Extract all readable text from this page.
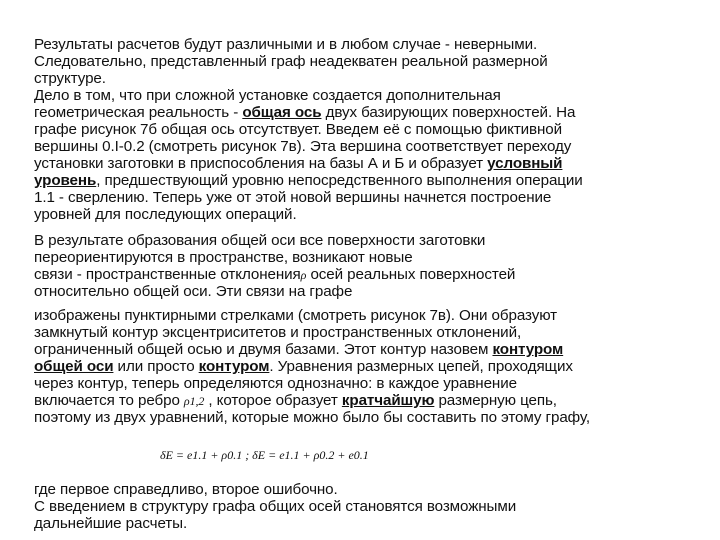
Результаты расчетов будут различными и в любом случае - неверными.
Следовательно, представленный граф неадекватен реальной размерной
структуре.
Дело в том, что при сложной установке создается дополнительная
геометрическая реальность - общая ось двух базирующих поверхностей. На
графе рисунок 7б общая ось отсутствует. Введем её с помощью фиктивной
вершины 0.I-0.2 (смотреть рисунок 7в). Эта вершина соответствует переходу
установки заготовки в приспособления на базы А и Б и образует условный
уровень, предшествующий уровню непосредственного выполнения операции
1.1 - сверлению. Теперь уже от этой новой вершины начнется построение
уровней для последующих операций.
В результате образования общей оси все поверхности заготовки
переориентируются в пространстве, возникают новые
связи - пространственные отклоненияρ осей реальных поверхностей
относительно общей оси. Эти связи на графе
изображены пунктирными стрелками (смотреть рисунок 7в). Они образуют
замкнутый контур эксцентриситетов и пространственных отклонений,
ограниченный общей осью и двумя базами. Этот контур назовем контуром
общей оси или просто контуром. Уравнения размерных цепей, проходящих
через контур, теперь определяются однозначно: в каждое уравнение
включается то ребро ρ1,2 , которое образует кратчайшую размерную цепь,
поэтому из двух уравнений, которые можно было бы составить по этому графу,
где первое справедливо, второе ошибочно.
С введением в структуру графа общих осей становятся возможными
дальнейшие расчеты.
δE = e1.1 + ρ0.1 ; δE = e1.1 + ρ0.2 + e0.1
